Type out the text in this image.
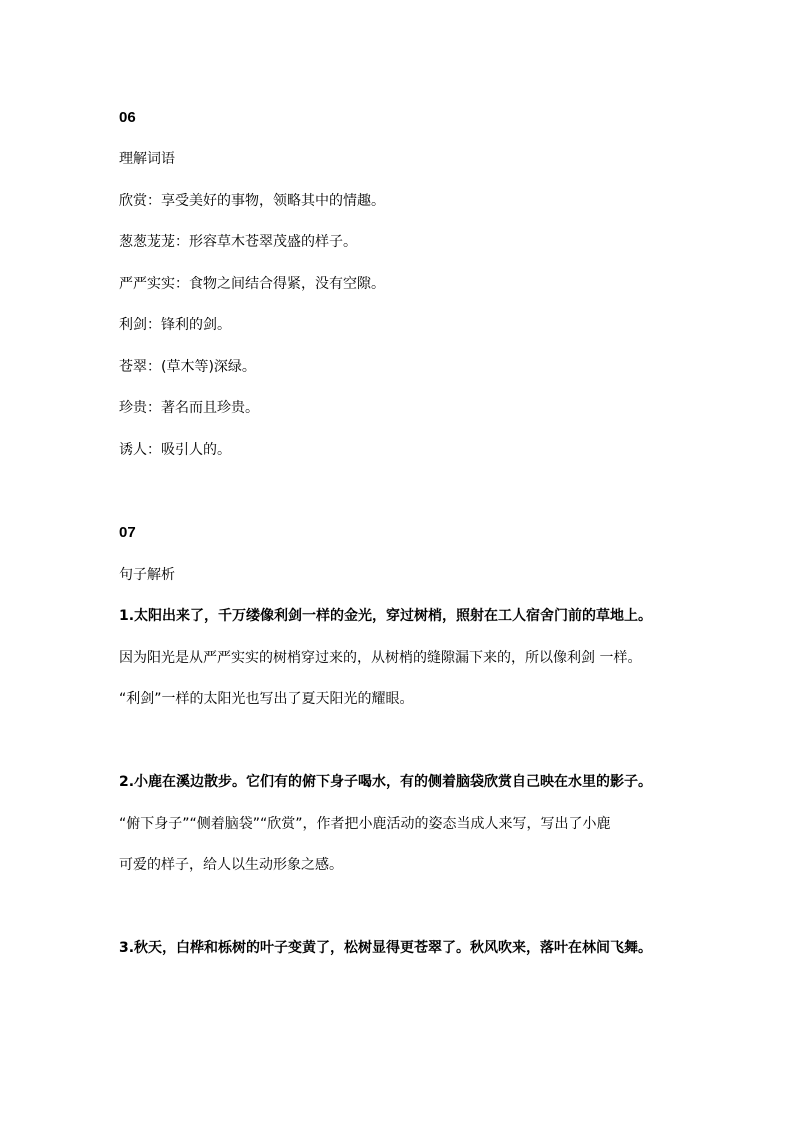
06
理解词语
欣赏：享受美好的事物，领略其中的情趣。
葱葱茏茏：形容草木苍翠茂盛的样子。
严严实实：食物之间结合得紧，没有空隙。
利剑：锋利的剑。
苍翠：(草木等)深绿。
珍贵：著名而且珍贵。
诱人：吸引人的。
07
句子解析
1.太阳出来了，千万缕像利剑一样的金光，穿过树梢，照射在工人宿舍门前的草地上。
因为阳光是从严严实实的树梢穿过来的，从树梢的缝隙漏下来的，所以像利剑 一样。
“利剑”一样的太阳光也写出了夏天阳光的耀眼。
2.小鹿在溪边散步。它们有的俯下身子喝水，有的侧着脑袋欣赏自己映在水里的影子。
“俯下身子”“侧着脑袋”“欣赏”，作者把小鹿活动的姿态当成人来写，写出了小鹿
可爱的样子，给人以生动形象之感。
3.秋天，白桦和栎树的叶子变黄了，松树显得更苍翠了。秋风吹来，落叶在林间飞舞。
